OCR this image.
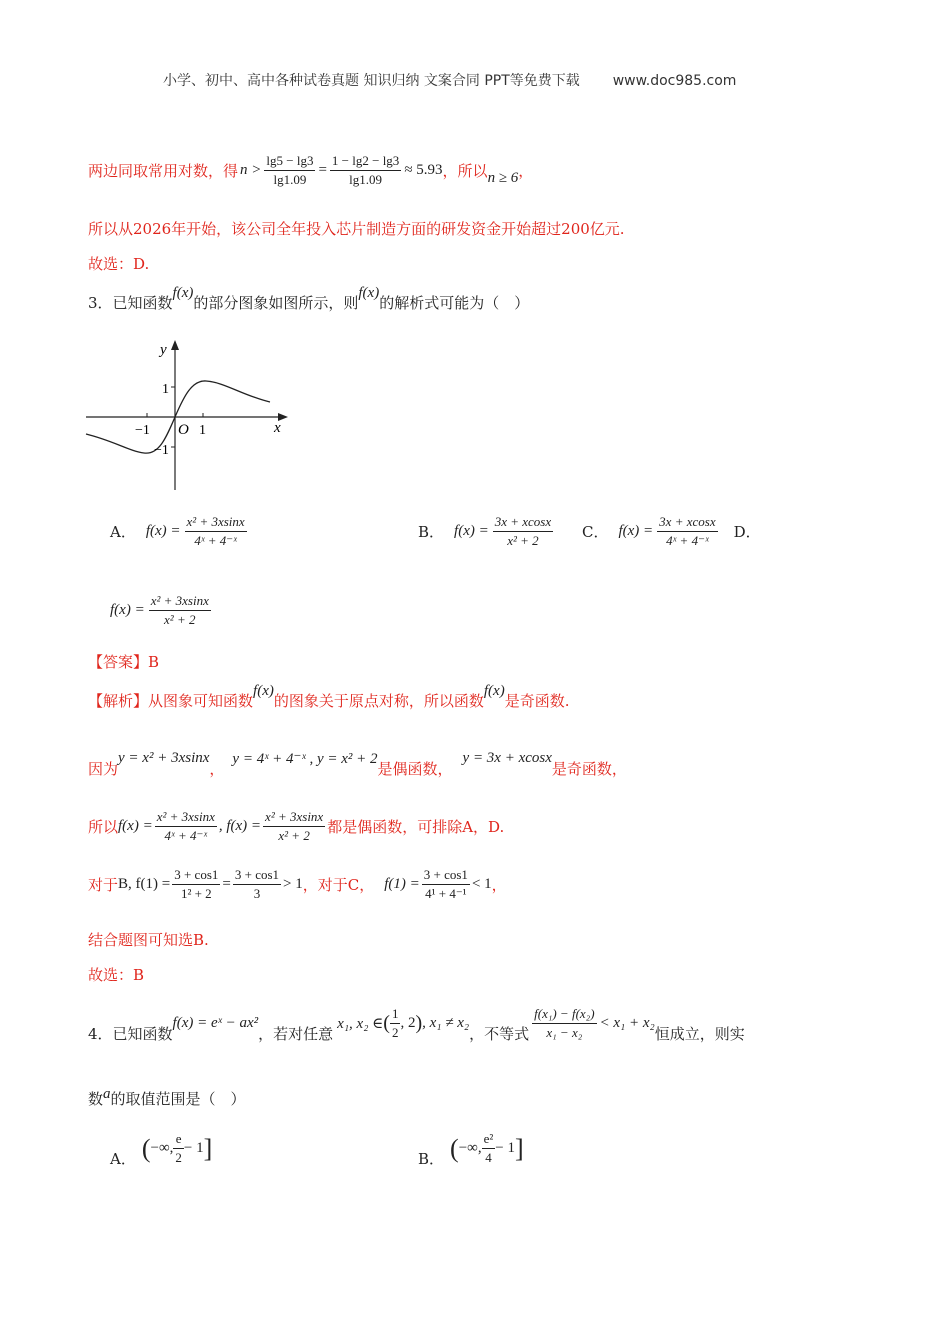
小学、初中、高中各种试卷真题 知识归纳 文案合同 PPT等免费下载 www.doc985.com
两边同取常用对数，得 $n > \frac{\lg 5 - \lg 3}{\lg 1.09} = \frac{1 - \lg 2 - \lg 3}{\lg 1.09} \approx 5.93$ ，所以 n ≥ 6 ，
所以从2026年开始，该公司全年投入芯片制造方面的研发资金开始超过200亿元.
故选：D.
3．已知函数
f(x)
的部分图象如图所示，则
f(x)
的解析式可能为（　）
y
x
1
−1
−1 O 1
A． $f(x) = \frac{\text{x² + 3xsinx}}{\text{4ˣ + 4⁻ˣ}}$	B． $f(x) = \frac{3x + xcosx}{\text{x² + 2}}$ C． $f(x) = \frac{3x + xcosx}{\text{4ˣ + 4⁻ˣ}}$ D．
$f(x) = \frac{\text{x² + 3xsinx}}{\text{x² + 2}}$
【答案】B
【解析】 从图象可知函数
f(x)
的图象关于原点对称，所以函数
f(x)
是奇函数.
因为
y = x² + 3xsinx
，
y = 4ˣ + 4⁻ˣ , y = x² + 2
是偶函数，
y = 3x + xcosx
是奇函数，
所以 $f(x) = \frac{\text{x² + 3xsinx}}{\text{4ˣ + 4⁻ˣ}}$ , $f(x) = \frac{\text{x² + 3xsinx}}{\text{x² + 2}}$ 都是偶函数，可排除A，D.
对于 B, $f(1) = \frac{3 + \cos 1}{\text{1² + 2}} = \frac{3 + \cos 1}{3} > 1$ ，对于C， $f(1) = \frac{3 + \cos 1}{\text{4¹ + 4⁻¹}} < 1$ ，
结合题图可知选B.
故选：B
4．已知函数
f(x) = eˣ − ax²
，若对任意
x₁, x₂ ∈ ( $\frac{1}{2}$ , 2 ) , x₁ ≠ x₂
，不等式 $\frac{\text{f(x₁) − f(x₂)}}{\text{x₁ − x₂}} < x_1 + x_2$
恒成立，则实
数 a 的取值范围是（　）
A． ( −∞, $\frac{e}{2} - 1$ ]	B． ( −∞, $\frac{\text{e²}}{4} - 1$ ]
